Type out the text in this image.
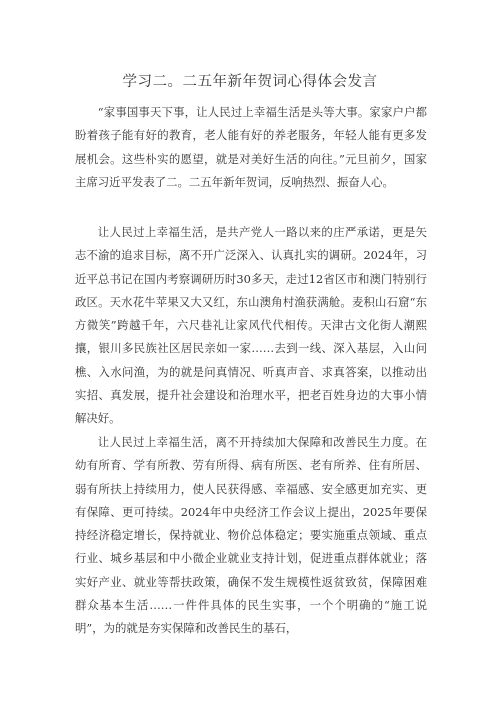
学习二。二五年新年贺词心得体会发言

“家事国事天下事，让人民过上幸福生活是头等大事。家家户户都盼着孩子能有好的教育，老人能有好的养老服务，年轻人能有更多发展机会。这些朴实的愿望，就是对美好生活的向往。”元旦前夕，国家主席习近平发表了二。二五年新年贺词，反响热烈、振奋人心。

让人民过上幸福生活，是共产党人一路以来的庄严承诺，更是矢志不渝的追求目标，离不开广泛深入、认真扎实的调研。2024年，习近平总书记在国内考察调研历时30多天，走过12省区市和澳门特别行政区。天水花牛苹果又大又红，东山澳角村渔获满舱。麦积山石窟“东方微笑”跨越千年，六尺巷礼让家风代代相传。天津古文化街人潮熙攘，银川多民族社区居民亲如一家……去到一线、深入基层，入山问樵、入水问渔，为的就是问真情况、听真声音、求真答案，以推动出实招、真发展，提升社会建设和治理水平，把老百姓身边的大事小情解决好。

让人民过上幸福生活，离不开持续加大保障和改善民生力度。在幼有所育、学有所教、劳有所得、病有所医、老有所养、住有所居、弱有所扶上持续用力，使人民获得感、幸福感、安全感更加充实、更有保障、更可持续。2024年中央经济工作会议上提出，2025年要保持经济稳定增长，保持就业、物价总体稳定；要实施重点领域、重点行业、城乡基层和中小微企业就业支持计划，促进重点群体就业；落实好产业、就业等帮扶政策，确保不发生规模性返贫致贫，保障困难群众基本生活……一件件具体的民生实事，一个个明确的“施工说明”，为的就是夯实保障和改善民生的基石，
